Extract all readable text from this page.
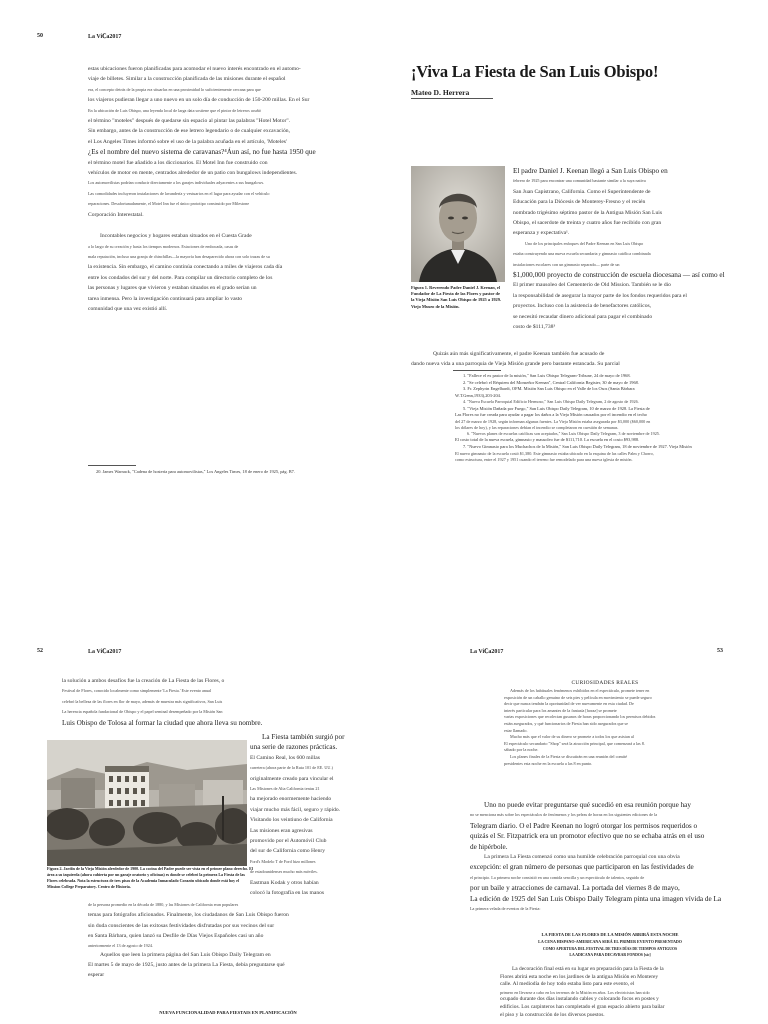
50	La Viℂa2017

estas ubicaciones fueron planificadas para acomodar el nuevo interés encontrado en el automo-

viaje de billetes. Similar a la construcción planificada de las misiones durante el español

era, el concepto detrás de la propia era situarlas en una proximidad lo suficientemente cercana para que

los viajeros pudieran llegar a uno nuevo en un solo día de conducción de 150-200 millas. En el Sur

En la ubicación de Luis Obispo, una leyenda local de larga data sostiene que el pintor de letreros acuñó

el término "moteles" después de quedarse sin espacio al pintar las palabras "Hotel Motor".

Sin embargo, antes de la construcción de ese letrero legendario o de cualquier excavación,

el Los Angeles Times informó sobre el uso de la palabra acuñada en el artículo, 'Moteles'

¿Es el nombre del nuevo sistema de caravanas?⁴Áun así, no fue hasta 1950 que

el término motel fue añadido a los diccionarios. El Motel Inn fue construido con

vehículos de motor en mente, centrados alrededor de un patio con bungalows independientes.

Los automovilistas podrían conducir directamente a los garajes individuales adyacentes a sus bungalows.

Las comodidades incluyeron instalaciones de lavandería y vestuarios en el lugar para ayudar con el vehículo

reparaciones. Desafortunadamente, el Motel Inn fue el único prototipo construido por Milestone

Corporación Interestatal.

Incontables negocios y hogares estaban situados en el Cuesta Grade

a lo largo de su creación y hasta los tiempos modernos. Estaciones de embocada, casas de

mala reputación, incluso una granja de chinchillas—la mayoría han desaparecido ahora con solo trazas de su

la existencia. Sin embargo, el camino continúa conectando a miles de viajeros cada día

entre los condados del sur y del norte. Para compilar un directorio completo de los

las personas y lugares que vivieron y estaban situados en el grado serían un

tarea inmensa. Pero la investigación continuará para ampliar lo vasto

comunidad que una vez existió allí.

20. James Warnack, "Cadena de hostería para automovilistas," Los Angeles Times, 18 de enero de 1925, pág. B7.
¡Viva La Fiesta de San Luis Obispo!
Mateo D. Herrera
Figura 1. Reverendo Padre Daniel J. Keenan, el Fundador de La Fiesta de las Flores y pastor de la Vieja Misión San Luis Obispo de 1925 a 1929. Viejo Museo de la Misión.

El padre Daniel J. Keenan llegó a San Luis Obispo en

febrero de 1925 para encontrar una comunidad bastante similar a la suya nativa

San Juan Capistrano, California. Como el Superintendente de

Educación para la Diócesis de Monterey-Fresno y el recién

nombrado trigésimo séptimo pastor de la Antigua Misión San Luis

Obispo, el sacerdote de treinta y cuatro años fue recibido con gran

esperanza y expectativa¹.

Uno de los principales enfoques del Padre Keenan en San Luis Obispo

estaba construyendo una nueva escuela secundaria y gimnasio católica combinada

instalaciones escolares con un gimnasio separado— parte de un

$1,000,000 proyecto de construcción de escuela diocesana — así como el

El primer mausoleo del Cementerio de Old Mission. También se le dio

la responsabilidad de asegurar la mayor parte de los fondos requeridos para el

proyectos. Incluso con la asistencia de benefactores católicos,

se necesitó recaudar dinero adicional para pagar el combinado

costo de $111,738³

Quizás aún más significativamente, el padre Keenan también fue acusado de

dando nueva vida a una parroquia de Vieja Misión grande pero bastante estancada. Su parcial

1. "Fallece el ex pastor de la misión," San Luis Obispo Telegram-Tribune, 24 de mayo de 1968.
2. "Se celebró el Réquiem del Monseñor Keenan", Central California Register, 30 de mayo de 1968.
3. Fr. Zephyrin Engelhardt, OFM. Misión San Luis Obispo en el Valle de los Osos (Santa Bárbara
W.T.Genn,1933),203-204.
4. "Nueva Escuela Parroquial Edificio Hermoso," San Luis Obispo Daily Telegram, 2 de agosto de 1926.
5. "Vieja Misión Dañada por Fuego," San Luis Obispo Daily Telegram, 10 de marzo de 1928. La Fiesta de
Las Flores no fue creada para ayudar a pagar los daños a la Vieja Misión causados por el incendio en el techo
del 27 de marzo de 1928, según informan algunas fuentes. La Vieja Misión estaba asegurada por $3,000 ($60,000 en
los dólares de hoy), y las reparaciones debían el incendio se completaron en cuestión de semanas.
6. "Nuevos planes de escuelas católicas son aceptados," San Luis Obispo Daily Telegram, 3 de noviembre de 1925.
El costo total de la nueva escuela, gimnasio y mausoleo fue de $111,710. La escuela en el costo $93,988.
7. "Nuevo Gimnasio para los Muchachos de la Misión," San Luis Obispo Daily Telegram, 18 de noviembre de 1927. Vieja Misión
El nuevo gimnasio de la escuela costó $1,380. Este gimnasio estaba ubicado en la esquina de las calles Palm y Chorro,
como estructura, entre el 1927 y 1951 cuando el terreno fue remodelado para una nueva iglesia de misión.
52	La Viℂa2017

la solución a ambos desafíos fue la creación de La Fiesta de las Flores, o

Festival de Flores, conocido localmente como simplemente 'La Fiesta.' Este evento anual

celebró la belleza de las flores en flor de mayo, además de muestra más significativos, San Luis

La herencia española fundacional de Obispo y el papel seminal desempeñado por la Misión San

Luis Obispo de Tolosa al formar la ciudad que ahora lleva su nombre.

Figura 2. Jardín de la Vieja Misión alrededor de 1900. La cocina del Padre puede ser vista en el primer plano derecho. El área a su izquierda (ahora cubierta por un garaje oratorio y oficinas) es donde se celebró la primera La Fiesta de las Flores celebrada. Nota la estructura de tres pisos de la Academia Inmaculado Corazón ubicado donde está hoy el Mission College Preparatory. Centro de Historia.

La Fiesta también surgió por

una serie de razones prácticas.

El Camino Real, los 600 millas

carretera (ahora parte de la Ruta 101 de EE. UU.)

originalmente creado para vincular el

Las Misiones de Alta California tenias 21

ha mejorado enormemente haciendo

viajar mucho más fácil, seguro y rápido.

Visitando los veintiuno de California

Las misiones eran agresivas

promovido por el Automóvil Club

del sur de California como Henry

Ford's Modelo T de Ford hizo millones

de estadounidenses mucho más móviles.

Eastman Kodak y otros habían

colocó la fotografía en las manos

de la persona promedio en la década de 1880, y las Misiones de California eran populares

temas para fotógrafos aficionados. Finalmente, los ciudadanos de San Luis Obispo fueron

sin duda conscientes de las exitosas festividades disfrutadas por sus vecinos del sur

en Santa Bárbara, quien lanzó su Desfile de Días Viejos Españoles casi un año

anteriormente el 13 de agosto de 1924.

Aquellos que leen la primera página del San Luis Obispo Daily Telegram en

El martes 5 de mayo de 1925, justo antes de la primera La Fiesta, debía preguntarse qué

esperar

NUEVA FUNCIONALIDAD PARA FIESTAIS EN PLANIFICACIÓN
La Viℂa2017	53
CURIOSIDADES REALES
Además de los habituales fenómenos exhibidos en el espectáculo, promete tener en
exposición de un caballo genuino de seis pies y película en movimiento se puede seguro
decir que nunca tendrán la oportunidad de ver nuevamente en esta ciudad. De
interés particular para los amantes de la fantasía [horaz] se promete
varias exposiciones que recolectan gusanos de horas proporcionando los permisos debidos
están asegurados, y qué funcionarios de Fiesta han sido asegurados que se
estar llamado.
Mucho más que el valor de su dinero se promete a todos los que asistan al
El espectáculo secundario "Shop" será la atracción principal, que comenzará a las 8.
sábado por la noche.
Los planes finales de la Fiesta se discutirán en una reunión del comité
presidentes esta noche en la escuela a las 8 en punto.

Uno no puede evitar preguntarse qué sucedió en esa reunión porque hay

no se menciona más sobre los espectáculos de fenómenos y los peleas de horaz en los siguientes ediciones de la

Telegram diario. O el Padre Keenan no logró otorgar los permisos requeridos o

quizás el Sr. Fitzpatrick era un promotor efectivo que no se echaba atrás en el uso

de hipérbole.

La primera La Fiesta comenzó como una humilde celebración parroquial con una obvia

excepción: el gran número de personas que participaron en las festividades de

el principio. La primera noche consistió en una comida sencilla y un espectáculo de talentos, seguido de

por un baile y atracciones de carnaval. La portada del viernes 8 de mayo,

La edición de 1925 del San Luis Obispo Daily Telegram pinta una imagen vívida de La

La primera velada de eventos de la Fiesta:

LA FIESTA DE LAS FLORES DE LA MISIÓN ABRIRÁ ESTA NOCHE
LA CENA HISPANO-AMERICANA SERÁ EL PRIMER EVENTO PRESENTADO
COMO APERTURA DEL FESTIVAL DE TRES DÍAS DE TIEMPOS ANTIGUOS
LA ADICANA PARA DECAVRAR FONDOS [sic]

La decoración final está en su lugar en preparación para la Fiesta de la

Flores abrirá esta noche en los jardines de la antigua Misión en Monterey

calle. Al mediodía de hoy todo estaba listo para este evento, el

primero en llevarse a cabo en los terrenos de la Misión en años. Los electricistas han sido

ocupado durante dos días instalando cables y colocando focos en postes y

edificios. Los carpinteros han completado el gran espacio abierto para bailar

el piso y la construcción de los diversos puestos.
